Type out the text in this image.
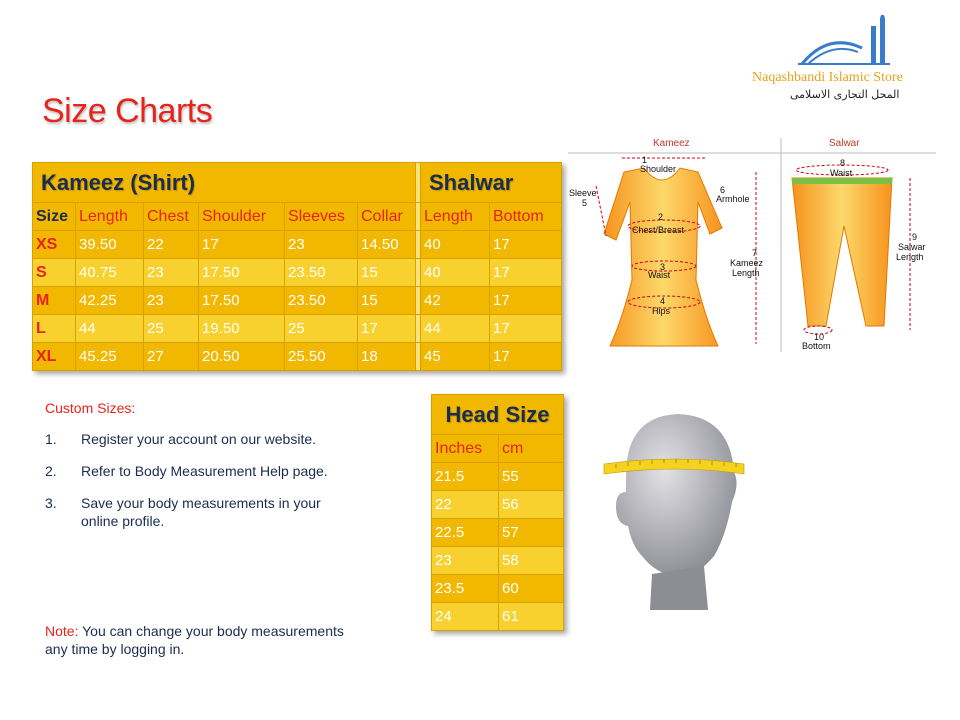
Size Charts
Naqashbandi Islamic Store
المحل التجارى الاسلامى
Kameez (Shirt)							Shalwar	
Size	Length	Chest	Shoulder	Sleeves	Collar		Length	Bottom
XS	39.50	22	17	23	14.50		40	17
S	40.75	23	17.50	23.50	15		40	17
M	42.25	23	17.50	23.50	15		42	17
L	44	25	19.50	25	17		44	17
XL	45.25	27	20.50	25.50	18		45	17
Kameez	Salwar
1
Shoulder
Sleeve
5
6
Armhole
2
Chest/Breast
3
Waist
7
Kameez
Length
4
Hips
8
Waist
9
Salwar
Length
10
Bottom
Custom Sizes:
1.	Register your account on our website.
2.	Refer to Body Measurement Help page.
3.	Save your body measurements in your online profile.
Note: You can change your body measurements any time by logging in.
Head Size	
Inches	cm
21.5	55
22	56
22.5	57
23	58
23.5	60
24	61
